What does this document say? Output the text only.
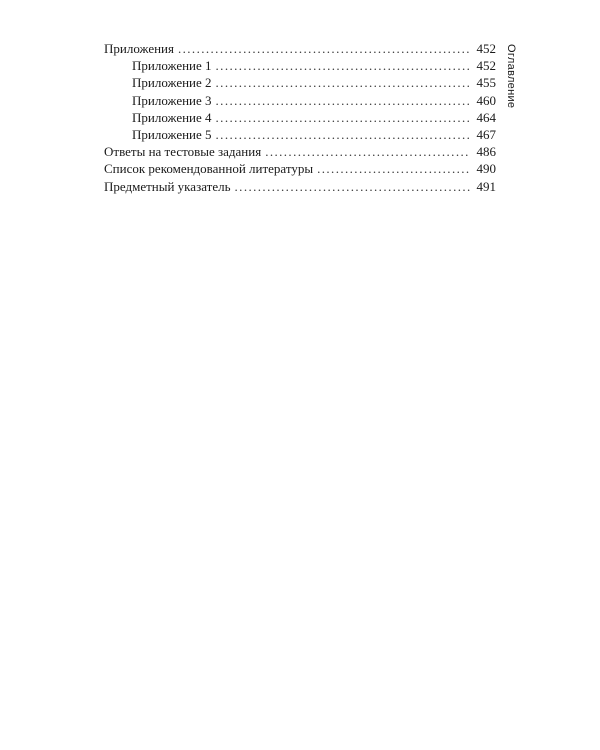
Оглавление
Приложения .....	452
Приложение 1 .....	452
Приложение 2 .....	455
Приложение 3 .....	460
Приложение 4 .....	464
Приложение 5 .....	467
Ответы на тестовые задания .....	486
Список рекомендованной литературы .....	490
Предметный указатель .....	491
